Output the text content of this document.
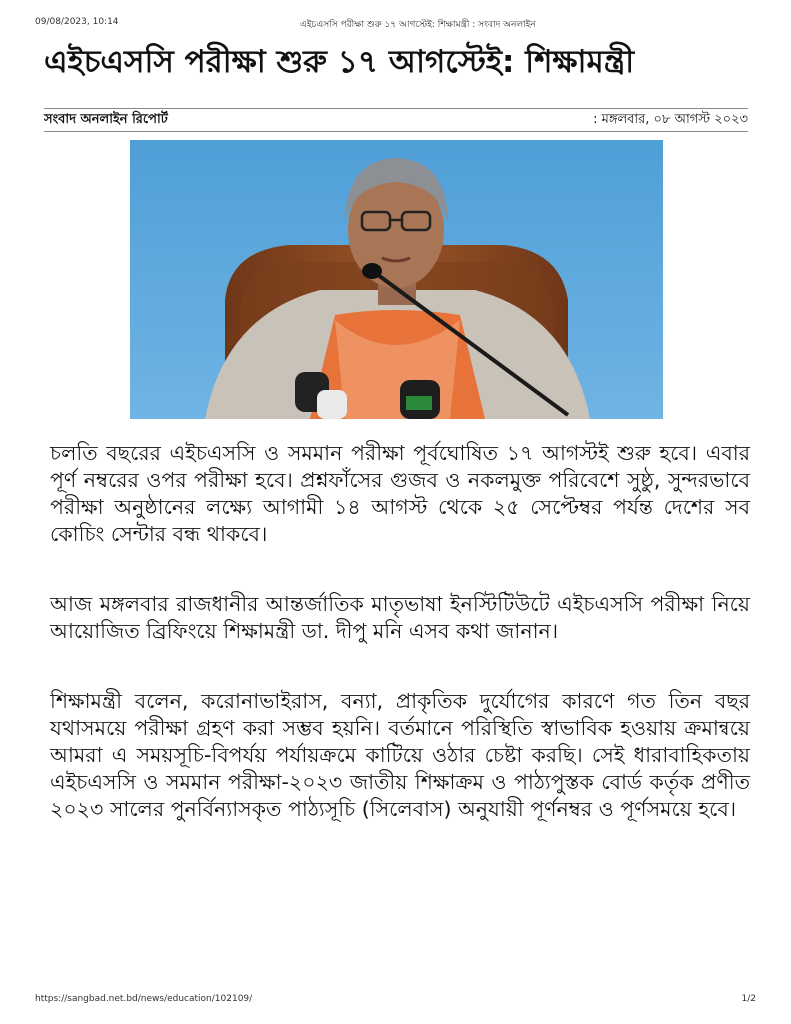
09/08/2023, 10:14	এইচএসসি পরীক্ষা শুরু ১৭ আগস্টেই: শিক্ষামন্ত্রী : সংবাদ অনলাইন
এইচএসসি পরীক্ষা শুরু ১৭ আগস্টেই: শিক্ষামন্ত্রী
সংবাদ অনলাইন রিপোর্ট	: মঙ্গলবার, ০৮ আগস্ট ২০২৩

চলতি বছরের এইচএসসি ও সমমান পরীক্ষা পূর্বঘোষিত ১৭ আগস্টই শুরু হবে। এবার পূর্ণ নম্বরের ওপর পরীক্ষা হবে। প্রশ্নফাঁসের গুজব ও নকলমুক্ত পরিবেশে সুষ্ঠু, সুন্দরভাবে পরীক্ষা অনুষ্ঠানের লক্ষ্যে আগামী ১৪ আগস্ট থেকে ২৫ সেপ্টেম্বর পর্যন্ত দেশের সব কোচিং সেন্টার বন্ধ থাকবে।

আজ মঙ্গলবার রাজধানীর আন্তর্জাতিক মাতৃভাষা ইনস্টিটিউটে এইচএসসি পরীক্ষা নিয়ে আয়োজিত ব্রিফিংয়ে শিক্ষামন্ত্রী ডা. দীপু মনি এসব কথা জানান।

শিক্ষামন্ত্রী বলেন, করোনাভাইরাস, বন্যা, প্রাকৃতিক দুর্যোগের কারণে গত তিন বছর যথাসময়ে পরীক্ষা গ্রহণ করা সম্ভব হয়নি। বর্তমানে পরিস্থিতি স্বাভাবিক হওয়ায় ক্রমান্বয়ে আমরা এ সময়সূচি-বিপর্যয় পর্যায়ক্রমে কাটিয়ে ওঠার চেষ্টা করছি। সেই ধারাবাহিকতায় এইচএসসি ও সমমান পরীক্ষা-২০২৩ জাতীয় শিক্ষাক্রম ও পাঠ্যপুস্তক বোর্ড কর্তৃক প্রণীত ২০২৩ সালের পুনর্বিন্যাসকৃত পাঠ্যসূচি (সিলেবাস) অনুযায়ী পূর্ণনম্বর ও পূর্ণসময়ে হবে।

https://sangbad.net.bd/news/education/102109/	1/2
